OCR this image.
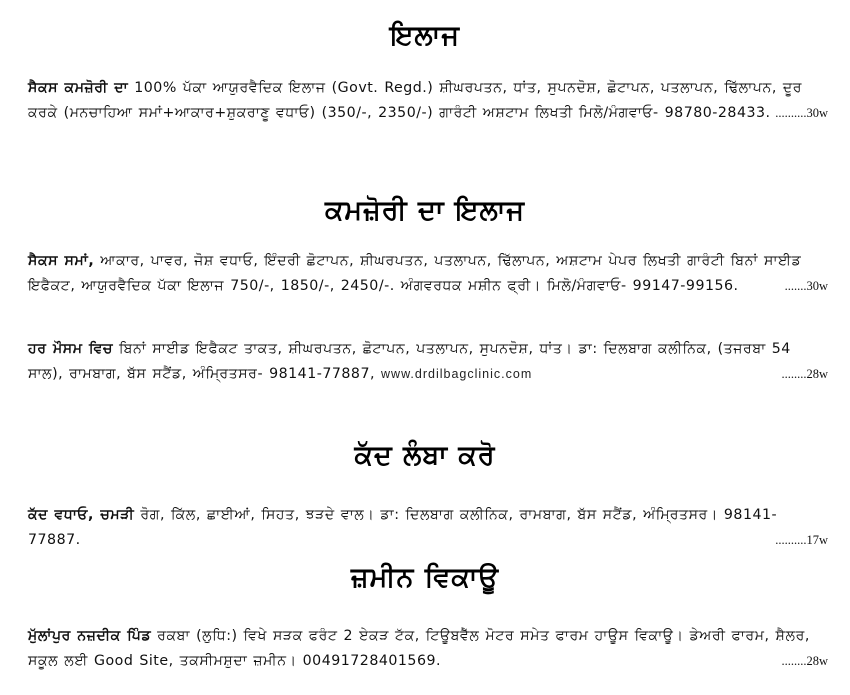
ਇਲਾਜ
ਸੈਕਸ ਕਮਜ਼ੋਰੀ ਦਾ 100% ਪੱਕਾ ਆਯੁਰਵੈਦਿਕ ਇਲਾਜ (Govt. Regd.) ਸ਼ੀਘਰਪਤਨ, ਧਾਂਤ, ਸੁਪਨਦੋਸ਼, ਛੋਟਾਪਨ, ਪਤਲਾਪਨ, ਢਿੱਲਾਪਨ, ਦੂਰ ਕਰਕੇ (ਮਨਚਾਹਿਆ ਸਮਾਂ+ਆਕਾਰ+ਸ਼ੁਕਰਾਣੂ ਵਧਾਓ) (350/-, 2350/-) ਗਾਰੰਟੀ ਅਸ਼ਟਾਮ ਲਿਖਤੀ ਮਿਲੋ/ਮੰਗਵਾਓ- 98780-28433. ..........30w
ਕਮਜ਼ੋਰੀ ਦਾ ਇਲਾਜ
ਸੈਕਸ ਸਮਾਂ, ਆਕਾਰ, ਪਾਵਰ, ਜੋਸ਼ ਵਧਾਓ, ਇੰਦਰੀ ਛੋਟਾਪਨ, ਸ਼ੀਘਰਪਤਨ, ਪਤਲਾਪਨ, ਢਿੱਲਾਪਨ, ਅਸ਼ਟਾਮ ਪੇਪਰ ਲਿਖਤੀ ਗਾਰੰਟੀ ਬਿਨਾਂ ਸਾਈਡ ਇਫੈਕਟ, ਆਯੁਰਵੈਦਿਕ ਪੱਕਾ ਇਲਾਜ 750/-, 1850/-, 2450/-. ਅੰਗਵਰਧਕ ਮਸ਼ੀਨ ਫ੍ਰੀ। ਮਿਲੋ/ਮੰਗਵਾਓ- 99147-99156.	.......30w
ਹਰ ਮੌਸਮ ਵਿਚ ਬਿਨਾਂ ਸਾਈਡ ਇਫੈਕਟ ਤਾਕਤ, ਸ਼ੀਘਰਪਤਨ, ਛੋਟਾਪਨ, ਪਤਲਾਪਨ, ਸੁਪਨਦੋਸ਼, ਧਾਂਤ। ਡਾ: ਦਿਲਬਾਗ ਕਲੀਨਿਕ, (ਤਜਰਬਾ 54 ਸਾਲ), ਰਾਮਬਾਗ, ਬੱਸ ਸਟੈਂਡ, ਅੰਮ੍ਰਿਤਸਰ- 98141-77887, www.drdilbagclinic.com	........28w
ਕੱਦ ਲੰਬਾ ਕਰੋ
ਕੱਦ ਵਧਾਓ, ਚਮੜੀ ਰੋਗ, ਕਿੱਲ, ਛਾਈਆਂ, ਸਿਹਤ, ਝੜਦੇ ਵਾਲ। ਡਾ: ਦਿਲਬਾਗ ਕਲੀਨਿਕ, ਰਾਮਬਾਗ, ਬੱਸ ਸਟੈਂਡ, ਅੰਮ੍ਰਿਤਸਰ। 98141-77887.	..........17w
ਜ਼ਮੀਨ ਵਿਕਾਊ
ਮੁੱਲਾਂਪੁਰ ਨਜ਼ਦੀਕ ਪਿੰਡ ਰਕਬਾ (ਲੁਧਿ:) ਵਿਖੇ ਸੜਕ ਫਰੰਟ 2 ਏਕੜ ਟੱਕ, ਟਿਊਬਵੈੱਲ ਮੋਟਰ ਸਮੇਤ ਫਾਰਮ ਹਾਊਸ ਵਿਕਾਊ। ਡੇਅਰੀ ਫਾਰਮ, ਸ਼ੈਲਰ, ਸਕੂਲ ਲਈ Good Site, ਤਕਸੀਮਸ਼ੁਦਾ ਜ਼ਮੀਨ। 00491728401569.	........28w
